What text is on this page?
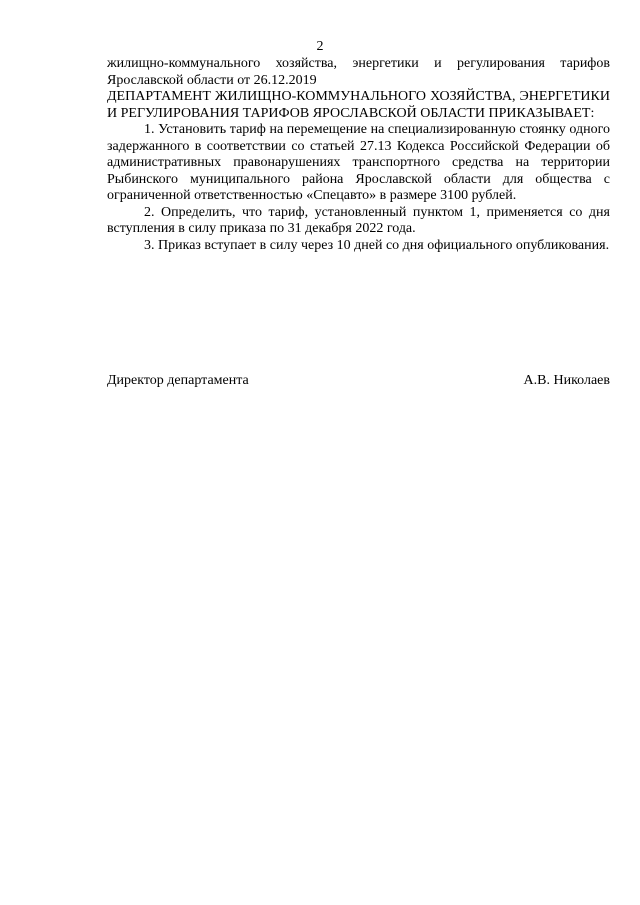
2

жилищно-коммунального хозяйства, энергетики и регулирования тарифов Ярославской области от 26.12.2019

ДЕПАРТАМЕНТ ЖИЛИЩНО-КОММУНАЛЬНОГО ХОЗЯЙСТВА, ЭНЕРГЕТИКИ И РЕГУЛИРОВАНИЯ ТАРИФОВ ЯРОСЛАВСКОЙ ОБЛАСТИ ПРИКАЗЫВАЕТ:

1. Установить тариф на перемещение на специализированную стоянку одного задержанного в соответствии со статьей 27.13 Кодекса Российской Федерации об административных правонарушениях транспортного средства на территории Рыбинского муниципального района Ярославской области для общества с ограниченной ответственностью «Спецавто» в размере 3100 рублей.

2. Определить, что тариф, установленный пунктом 1, применяется со дня вступления в силу приказа по 31 декабря 2022 года.

3. Приказ вступает в силу через 10 дней со дня официального опубликования.

Директор департамента	А.В. Николаев
